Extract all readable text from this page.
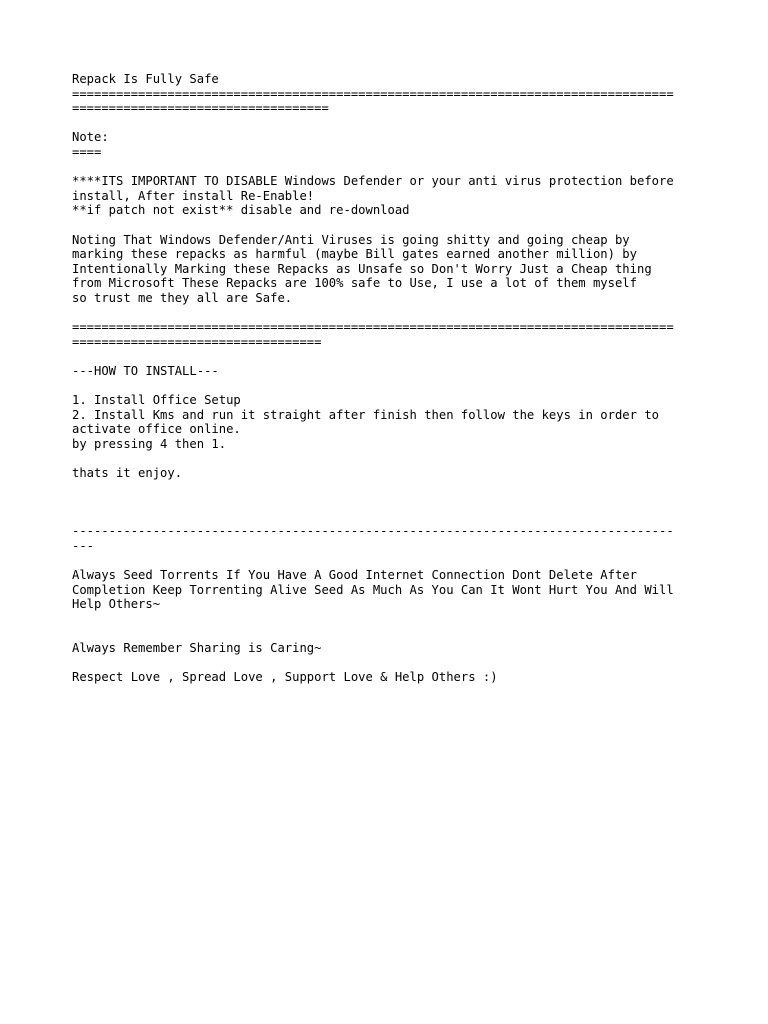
Repack Is Fully Safe
==================================================================================
===================================
Note:
====
****ITS IMPORTANT TO DISABLE Windows Defender or your anti virus protection before
install, After install Re-Enable!
**if patch not exist** disable and re-download
Noting That Windows Defender/Anti Viruses is going shitty and going cheap by
marking these repacks as harmful (maybe Bill gates earned another million) by
Intentionally Marking these Repacks as Unsafe so Don't Worry Just a Cheap thing
from Microsoft These Repacks are 100% safe to Use, I use a lot of them myself
so trust me they all are Safe.
==================================================================================
==================================
---HOW TO INSTALL---
1. Install Office Setup
2. Install Kms and run it straight after finish then follow the keys in order to
activate office online.
by pressing 4 then 1.
thats it enjoy.
----------------------------------------------------------------------------------
---
Always Seed Torrents If You Have A Good Internet Connection Dont Delete After
Completion Keep Torrenting Alive Seed As Much As You Can It Wont Hurt You And Will
Help Others~
Always Remember Sharing is Caring~
Respect Love , Spread Love , Support Love & Help Others :)
